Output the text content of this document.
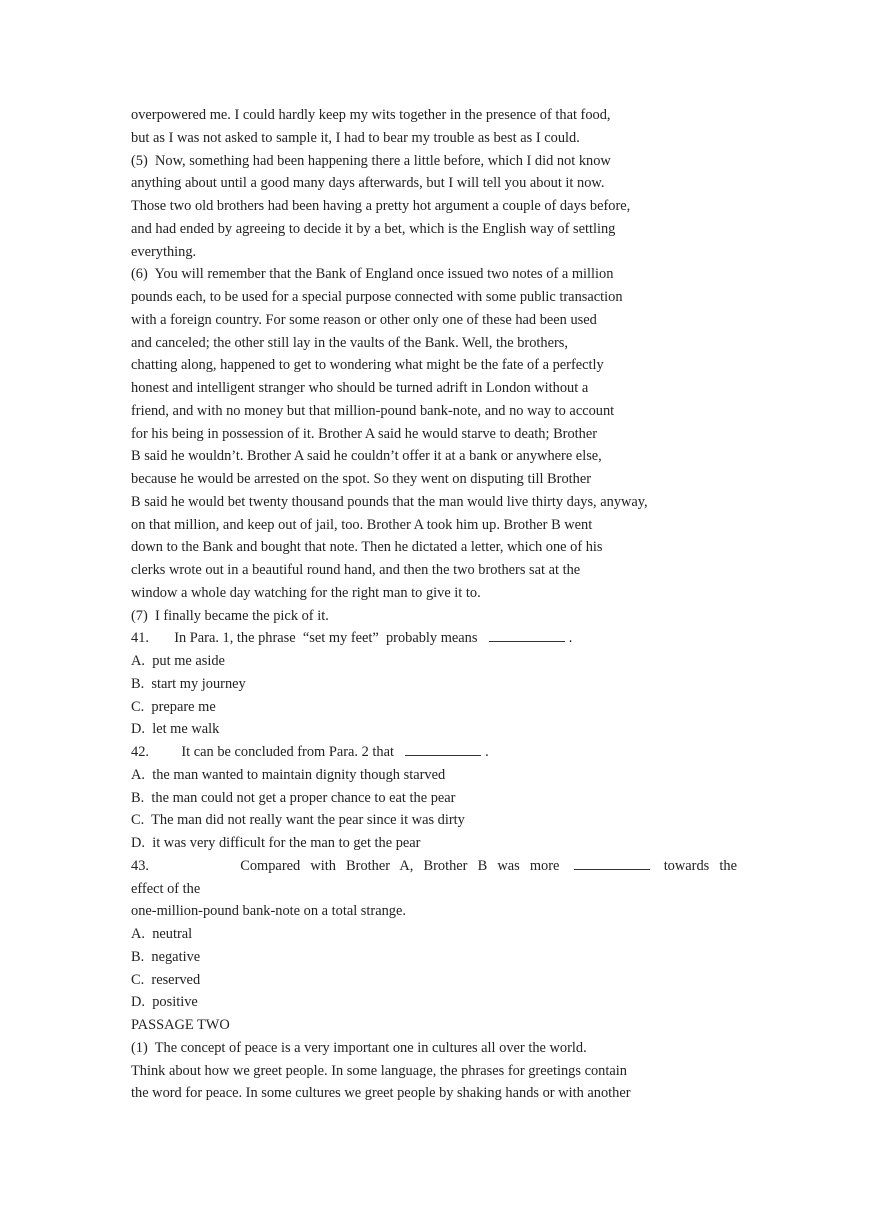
overpowered me. I could hardly keep my wits together in the presence of that food,
but as I was not asked to sample it, I had to bear my trouble as best as I could.

(5)  Now, something had been happening there a little before, which I did not know
anything about until a good many days afterwards, but I will tell you about it now.
Those two old brothers had been having a pretty hot argument a couple of days before,
and had ended by agreeing to decide it by a bet, which is the English way of settling
everything.

(6)  You will remember that the Bank of England once issued two notes of a million
pounds each, to be used for a special purpose connected with some public transaction
with a foreign country. For some reason or other only one of these had been used
and canceled; the other still lay in the vaults of the Bank. Well, the brothers,
chatting along, happened to get to wondering what might be the fate of a perfectly
honest and intelligent stranger who should be turned adrift in London without a
friend, and with no money but that million-pound bank-note, and no way to account
for his being in possession of it. Brother A said he would starve to death; Brother
B said he wouldn’t. Brother A said he couldn’t offer it at a bank or anywhere else,
because he would be arrested on the spot. So they went on disputing till Brother
B said he would bet twenty thousand pounds that the man would live thirty days, anyway,
on that million, and keep out of jail, too. Brother A took him up. Brother B went
down to the Bank and bought that note. Then he dictated a letter, which one of his
clerks wrote out in a beautiful round hand, and then the two brothers sat at the
window a whole day watching for the right man to give it to.

(7)  I finally became the pick of it.

41. In Para. 1, the phrase  “set my feet”  probably means	.

A. put me aside

B. start my journey

C. prepare me

D. let me walk

42. It can be concluded from Para. 2 that	.

A. the man wanted to maintain dignity though starved

B. the man could not get a proper chance to eat the pear

C. The man did not really want the pear since it was dirty

D. it was very difficult for the man to get the pear

43.	Compared with Brother A, Brother B was more	towards the

effect of the

one-million-pound bank-note on a total strange.

A. neutral

B. negative

C. reserved

D. positive

PASSAGE TWO

(1)  The concept of peace is a very important one in cultures all over the world.
Think about how we greet people. In some language, the phrases for greetings contain
the word for peace. In some cultures we greet people by shaking hands or with another
